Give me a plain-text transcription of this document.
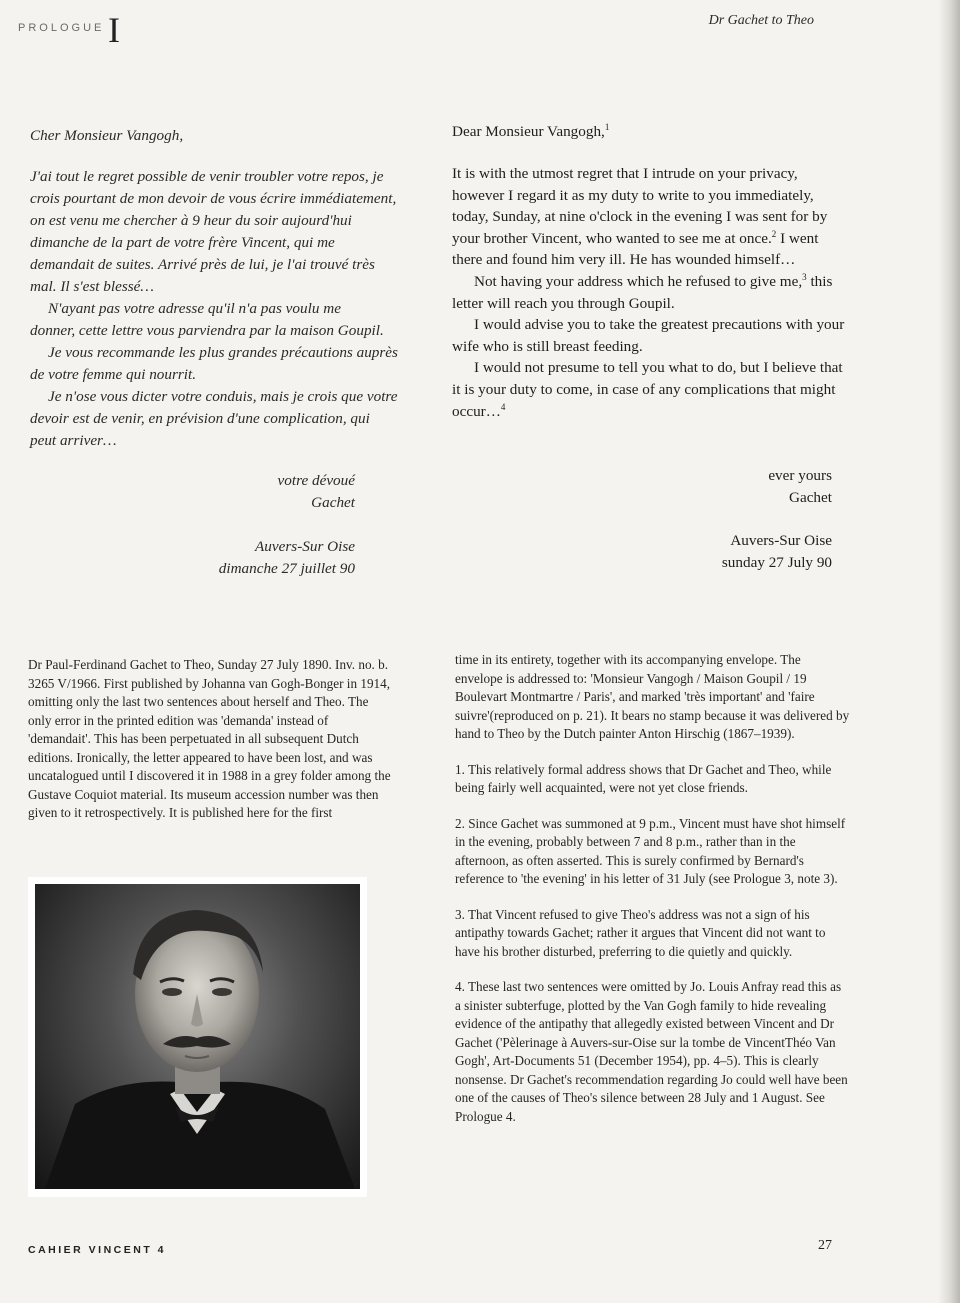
PROLOGUE I	Dr Gachet to Theo
Cher Monsieur Vangogh,
J'ai tout le regret possible de venir troubler votre repos, je
crois pourtant de mon devoir de vous écrire immédiatement,
on est venu me chercher à 9 heur du soir aujourd'hui
dimanche de la part de votre frère Vincent, qui me
demandait de suites. Arrivé près de lui, je l'ai trouvé très
mal. Il s'est blessé…
N'ayant pas votre adresse qu'il n'a pas voulu me
donner, cette lettre vous parviendra par la maison Goupil.
Je vous recommande les plus grandes précautions auprès
de votre femme qui nourrit.
Je n'ose vous dicter votre conduis, mais je crois que votre
devoir est de venir, en prévision d'une complication, qui
peut arriver…
votre dévoué
Gachet
Auvers-Sur Oise
dimanche 27 juillet 90
Dear Monsieur Vangogh,$^1$

It is with the utmost regret that I intrude on your privacy, however I regard it as my duty to write to you immediately, today, Sunday, at nine o'clock in the evening I was sent for by your brother Vincent, who wanted to see me at once.$^2$ I went there and found him very ill. He has wounded himself…

Not having your address which he refused to give me,$^3$ this letter will reach you through Goupil.

I would advise you to take the greatest precautions with your wife who is still breast feeding.

I would not presume to tell you what to do, but I believe that it is your duty to come, in case of any complications that might occur…$^4$

ever yours
Gachet
Auvers-Sur Oise
sunday 27 July 90

Dr Paul-Ferdinand Gachet to Theo, Sunday 27 July 1890. Inv. no. b. 3265 V/1966. First published by Johanna van Gogh-Bonger in 1914, omitting only the last two sentences about herself and Theo. The only error in the printed edition was 'demanda' instead of 'demandait'. This has been perpetuated in all subsequent Dutch editions. Ironically, the letter appeared to have been lost, and was uncatalogued until I discovered it in 1988 in a grey folder among the Gustave Coquiot material. Its museum accession number was then given to it retrospectively. It is published here for the first

time in its entirety, together with its accompanying envelope. The envelope is addressed to: 'Monsieur Vangogh / Maison Goupil / 19 Boulevart Montmartre / Paris', and marked 'très important' and 'faire suivre'(reproduced on p. 21). It bears no stamp because it was delivered by hand to Theo by the Dutch painter Anton Hirschig (1867–1939).

1. This relatively formal address shows that Dr Gachet and Theo, while being fairly well acquainted, were not yet close friends.

2. Since Gachet was summoned at 9 p.m., Vincent must have shot himself in the evening, probably between 7 and 8 p.m., rather than in the afternoon, as often asserted. This is surely confirmed by Bernard's reference to 'the evening' in his letter of 31 July (see Prologue 3, note 3).

3. That Vincent refused to give Theo's address was not a sign of his antipathy towards Gachet; rather it argues that Vincent did not want to have his brother disturbed, preferring to die quietly and quickly.

4. These last two sentences were omitted by Jo. Louis Anfray read this as a sinister subterfuge, plotted by the Van Gogh family to hide revealing evidence of the antipathy that allegedly existed between Vincent and Dr Gachet ('Pèlerinage à Auvers-sur-Oise sur la tombe de VincentThéo Van Gogh', Art-Documents 51 (December 1954), pp. 4–5). This is clearly nonsense. Dr Gachet's recommendation regarding Jo could well have been one of the causes of Theo's silence between 28 July and 1 August. See Prologue 4.

CAHIER VINCENT 4	27
